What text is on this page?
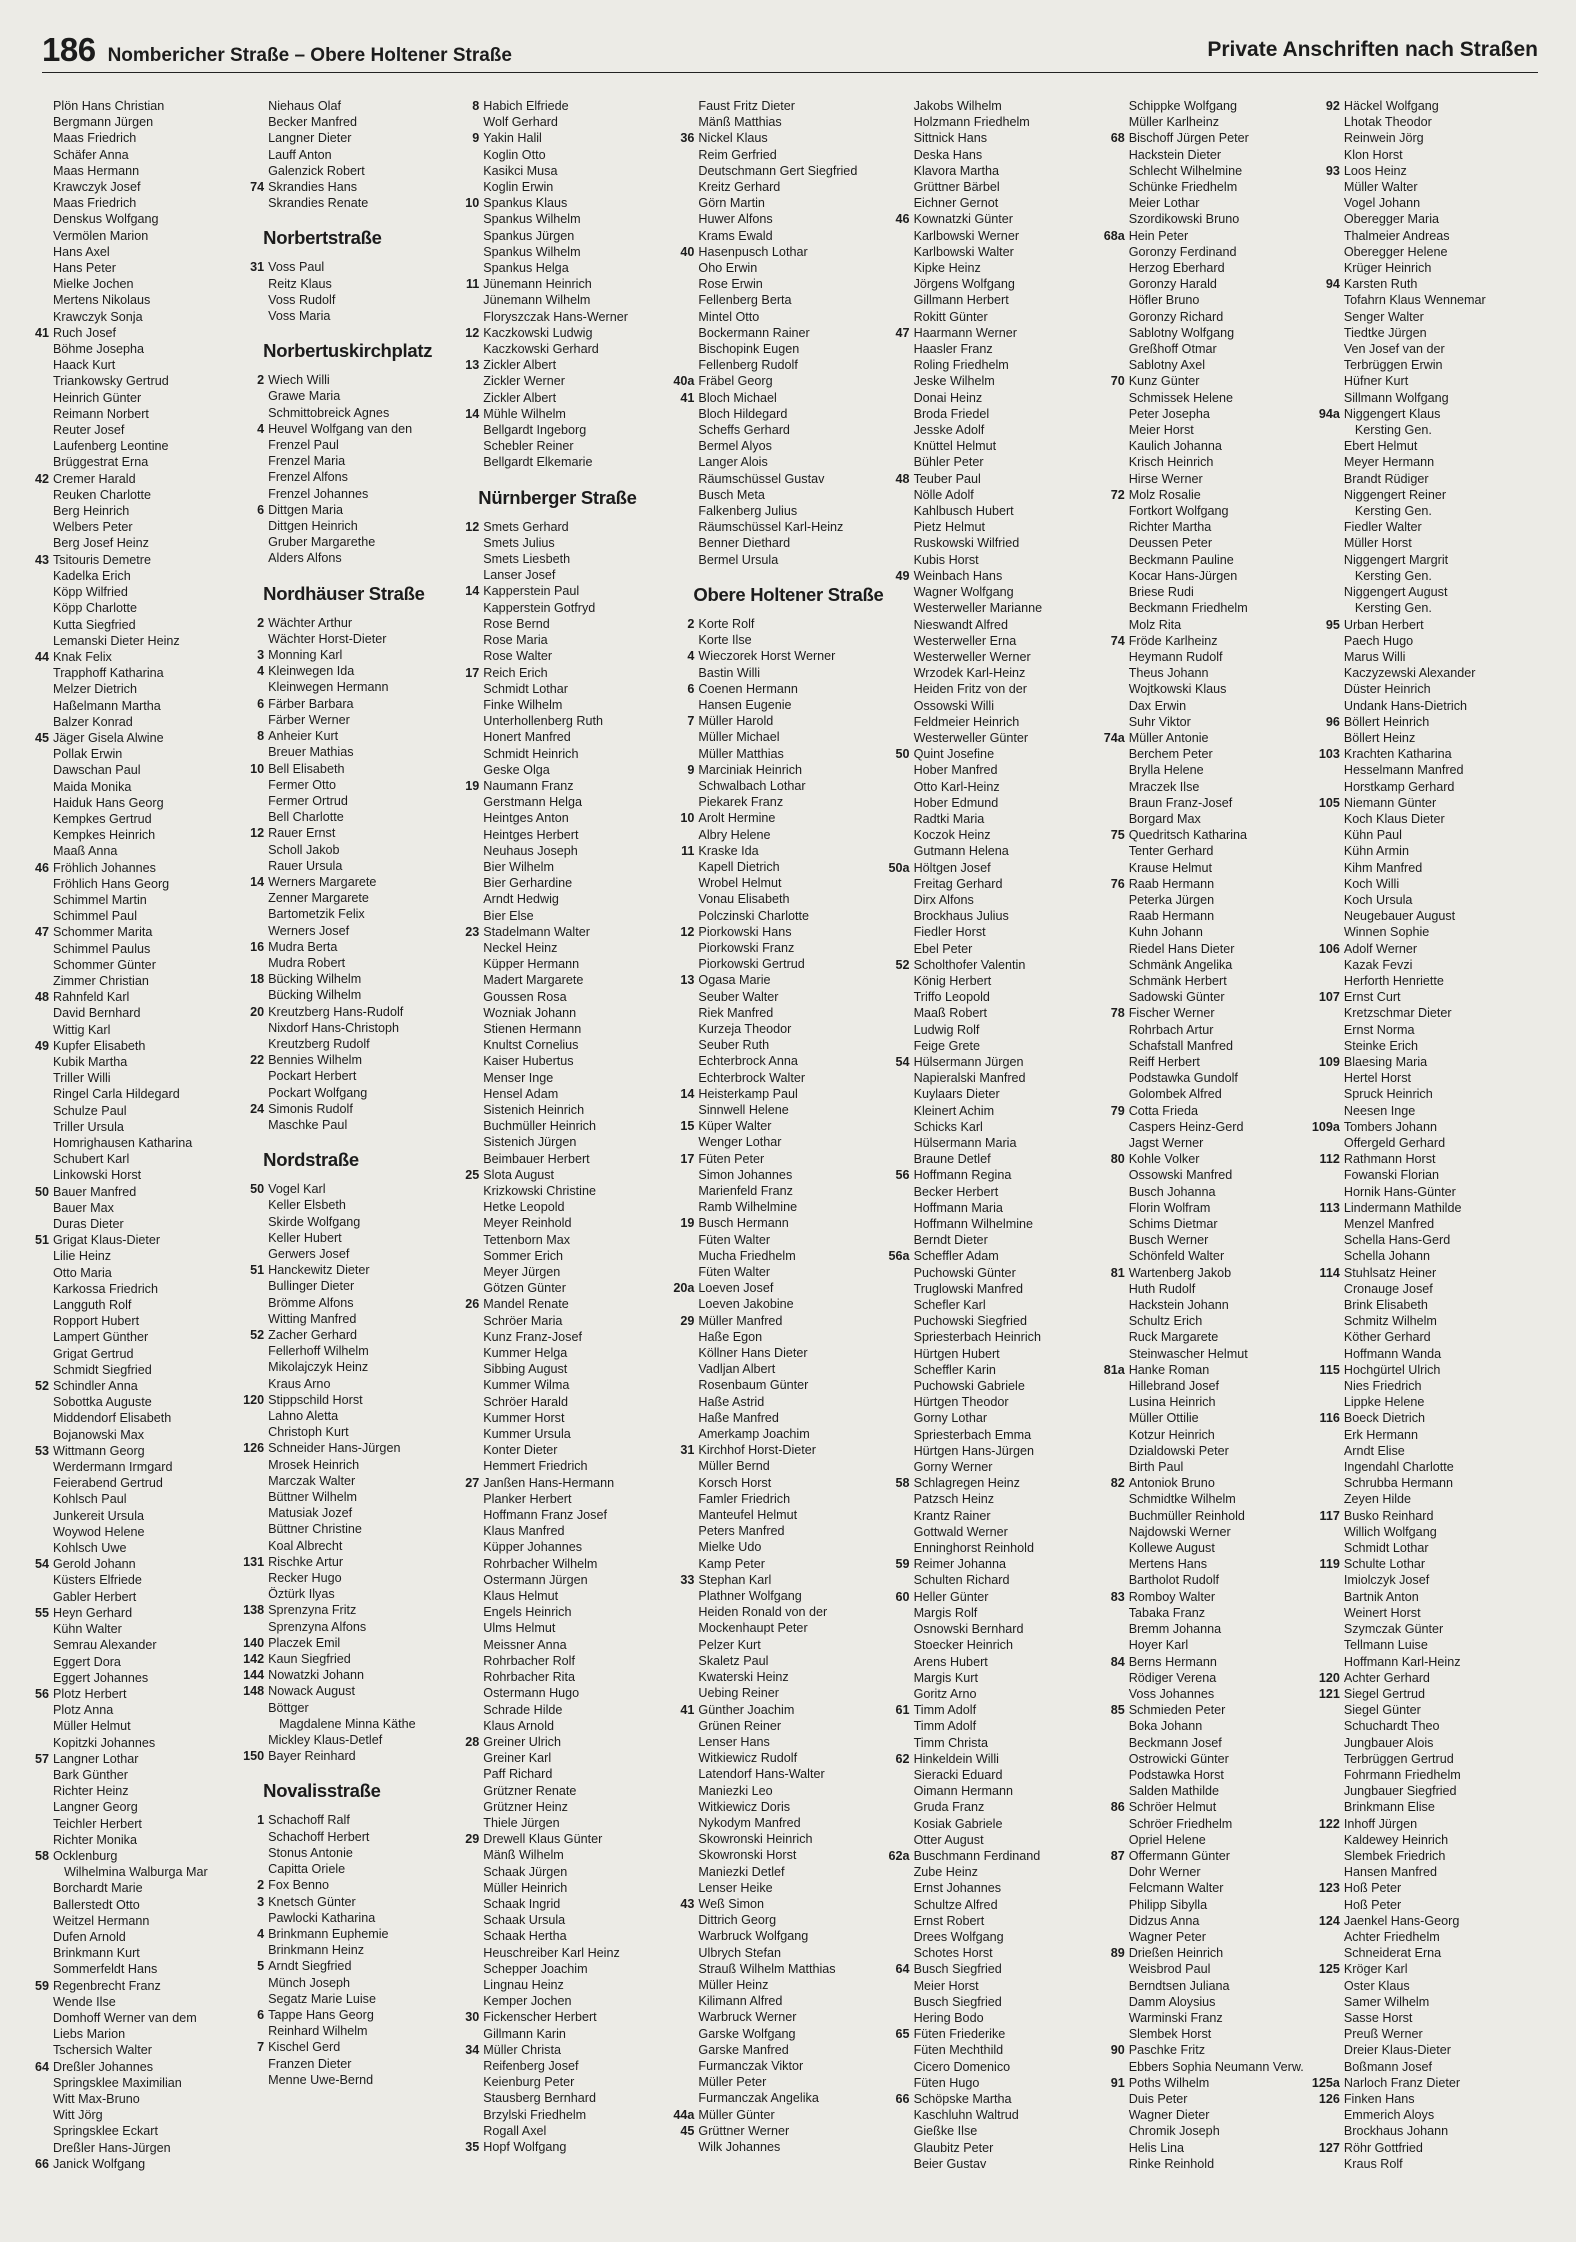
186 Nombericher Straße – Obere Holtener Straße	Private Anschriften nach Straßen
Plön Hans Christian
Bergmann Jürgen
Maas Friedrich
Schäfer Anna
Maas Hermann
Krawczyk Josef
Maas Friedrich
Denskus Wolfgang
Vermölen Marion
Hans Axel
Hans Peter
Mielke Jochen
Mertens Nikolaus
Krawczyk Sonja
41 Ruch Josef
Böhme Josepha
Haack Kurt
Triankowsky Gertrud
Heinrich Günter
Reimann Norbert
Reuter Josef
Laufenberg Leontine
Brüggestrat Erna
42 Cremer Harald
Reuken Charlotte
Berg Heinrich
Welbers Peter
Berg Josef Heinz
43 Tsitouris Demetre
Kadelka Erich
Köpp Wilfried
Köpp Charlotte
Kutta Siegfried
Lemanski Dieter Heinz
44 Knak Felix
Trapphoff Katharina
Melzer Dietrich
Haßelmann Martha
Balzer Konrad
45 Jäger Gisela Alwine
Pollak Erwin
Dawschan Paul
Maida Monika
Haiduk Hans Georg
Kempkes Gertrud
Kempkes Heinrich
Maaß Anna
46 Fröhlich Johannes
Fröhlich Hans Georg
Schimmel Martin
Schimmel Paul
47 Schommer Marita
Schimmel Paulus
Schommer Günter
Zimmer Christian
48 Rahnfeld Karl
David Bernhard
Wittig Karl
49 Kupfer Elisabeth
Kubik Martha
Triller Willi
Ringel Carla Hildegard
Schulze Paul
Triller Ursula
Homrighausen Katharina
Schubert Karl
Linkowski Horst
50 Bauer Manfred
Bauer Max
Duras Dieter
51 Grigat Klaus-Dieter
Lilie Heinz
Otto Maria
Karkossa Friedrich
Langguth Rolf
Ropport Hubert
Lampert Günther
Grigat Gertrud
Schmidt Siegfried
52 Schindler Anna
Sobottka Auguste
Middendorf Elisabeth
Bojanowski Max
53 Wittmann Georg
Werdermann Irmgard
Feierabend Gertrud
Kohlsch Paul
Junkereit Ursula
Woywod Helene
Kohlsch Uwe
54 Gerold Johann
Küsters Elfriede
Gabler Herbert
55 Heyn Gerhard
Kühn Walter
Semrau Alexander
Eggert Dora
Eggert Johannes
56 Plotz Herbert
Plotz Anna
Müller Helmut
Kopitzki Johannes
57 Langner Lothar
Bark Günther
Richter Heinz
Langner Georg
Teichler Herbert
Richter Monika
58 Ocklenburg
Wilhelmina Walburga Mar
Borchardt Marie
Ballerstedt Otto
Weitzel Hermann
Dufen Arnold
Brinkmann Kurt
Sommerfeldt Hans
59 Regenbrecht Franz
Wende Ilse
Domhoff Werner van dem
Liebs Marion
Tschersich Walter
64 Dreßler Johannes
Springsklee Maximilian
Witt Max-Bruno
Witt Jörg
Springsklee Eckart
Dreßler Hans-Jürgen
66 Janick Wolfgang
Niehaus Olaf
Becker Manfred
Langner Dieter
Lauff Anton
Galenzick Robert
74 Skrandies Hans
Skrandies Renate
Norbertstraße
31 Voss Paul
Reitz Klaus
Voss Rudolf
Voss Maria
Norbertuskirchplatz
2 Wiech Willi
Grawe Maria
Schmittobreick Agnes
4 Heuvel Wolfgang van den
Frenzel Paul
Frenzel Maria
Frenzel Alfons
Frenzel Johannes
6 Dittgen Maria
Dittgen Heinrich
Gruber Margarethe
Alders Alfons
Nordhäuser Straße
2 Wächter Arthur
Wächter Horst-Dieter
3 Monning Karl
4 Kleinwegen Ida
Kleinwegen Hermann
6 Färber Barbara
Färber Werner
8 Anheier Kurt
Breuer Mathias
10 Bell Elisabeth
Fermer Otto
Fermer Ortrud
Bell Charlotte
12 Rauer Ernst
Scholl Jakob
Rauer Ursula
14 Werners Margarete
Zenner Margarete
Bartometzik Felix
Werners Josef
16 Mudra Berta
Mudra Robert
18 Bücking Wilhelm
Bücking Wilhelm
20 Kreutzberg Hans-Rudolf
Nixdorf Hans-Christoph
Kreutzberg Rudolf
22 Bennies Wilhelm
Pockart Herbert
Pockart Wolfgang
24 Simonis Rudolf
Maschke Paul
Nordstraße
50 Vogel Karl
Keller Elsbeth
Skirde Wolfgang
Keller Hubert
Gerwers Josef
51 Hanckewitz Dieter
Bullinger Dieter
Brömme Alfons
Witting Manfred
52 Zacher Gerhard
Fellerhoff Wilhelm
Mikolajczyk Heinz
Kraus Arno
120 Stippschild Horst
Lahno Aletta
Christoph Kurt
126 Schneider Hans-Jürgen
Mrosek Heinrich
Marczak Walter
Büttner Wilhelm
Matusiak Jozef
Büttner Christine
Koal Albrecht
131 Rischke Artur
Recker Hugo
Öztürk Ilyas
138 Sprenzyna Fritz
Sprenzyna Alfons
140 Placzek Emil
142 Kaun Siegfried
144 Nowatzki Johann
148 Nowack August
Böttger
Magdalene Minna Käthe
Mickley Klaus-Detlef
150 Bayer Reinhard
Novalisstraße
1 Schachoff Ralf
Schachoff Herbert
Stonus Antonie
Capitta Oriele
2 Fox Benno
3 Knetsch Günter
Pawlocki Katharina
4 Brinkmann Euphemie
Brinkmann Heinz
5 Arndt Siegfried
Münch Joseph
Segatz Marie Luise
6 Tappe Hans Georg
Reinhard Wilhelm
7 Kischel Gerd
Franzen Dieter
Menne Uwe-Bernd
8 Habich Elfriede
Wolf Gerhard
9 Yakin Halil
Koglin Otto
Kasikci Musa
Koglin Erwin
10 Spankus Klaus
Spankus Wilhelm
Spankus Jürgen
Spankus Wilhelm
Spankus Helga
11 Jünemann Heinrich
Jünemann Wilhelm
Floryszczak Hans-Werner
12 Kaczkowski Ludwig
Kaczkowski Gerhard
13 Zickler Albert
Zickler Werner
Zickler Albert
14 Mühle Wilhelm
Bellgardt Ingeborg
Schebler Reiner
Bellgardt Elkemarie
Nürnberger Straße
12 Smets Gerhard
Smets Julius
Smets Liesbeth
Lanser Josef
14 Kapperstein Paul
Kapperstein Gotfryd
Rose Bernd
Rose Maria
Rose Walter
17 Reich Erich
Schmidt Lothar
Finke Wilhelm
Unterhollenberg Ruth
Honert Manfred
Schmidt Heinrich
Geske Olga
19 Naumann Franz
Gerstmann Helga
Heintges Anton
Heintges Herbert
Neuhaus Joseph
Bier Wilhelm
Bier Gerhardine
Arndt Hedwig
Bier Else
23 Stadelmann Walter
Neckel Heinz
Küpper Hermann
Madert Margarete
Goussen Rosa
Wozniak Johann
Stienen Hermann
Knultst Cornelius
Kaiser Hubertus
Menser Inge
Hensel Adam
Sistenich Heinrich
Buchmüller Heinrich
Sistenich Jürgen
Beimbauer Herbert
25 Slota August
Krizkowski Christine
Hetke Leopold
Meyer Reinhold
Tettenborn Max
Sommer Erich
Meyer Jürgen
Götzen Günter
26 Mandel Renate
Schröer Maria
Kunz Franz-Josef
Kummer Helga
Sibbing August
Kummer Wilma
Schröer Harald
Kummer Horst
Kummer Ursula
Konter Dieter
Hemmert Friedrich
27 Janßen Hans-Hermann
Planker Herbert
Hoffmann Franz Josef
Klaus Manfred
Küpper Johannes
Rohrbacher Wilhelm
Ostermann Jürgen
Klaus Helmut
Engels Heinrich
Ulms Helmut
Meissner Anna
Rohrbacher Rolf
Rohrbacher Rita
Ostermann Hugo
Schrade Hilde
Klaus Arnold
28 Greiner Ulrich
Greiner Karl
Paff Richard
Grützner Renate
Grützner Heinz
Thiele Jürgen
29 Drewell Klaus Günter
Mänß Wilhelm
Schaak Jürgen
Müller Heinrich
Schaak Ingrid
Schaak Ursula
Schaak Hertha
Heuschreiber Karl Heinz
Schepper Joachim
Lingnau Heinz
Kemper Jochen
30 Fickenscher Herbert
Gillmann Karin
34 Müller Christa
Reifenberg Josef
Keienburg Peter
Stausberg Bernhard
Brzylski Friedhelm
Rogall Axel
35 Hopf Wolfgang
Faust Fritz Dieter
Mänß Matthias
36 Nickel Klaus
Reim Gerfried
Deutschmann Gert Siegfried
Kreitz Gerhard
Görn Martin
Huwer Alfons
Krams Ewald
40 Hasenpusch Lothar
Oho Erwin
Rose Erwin
Fellenberg Berta
Mintel Otto
Bockermann Rainer
Bischopink Eugen
Fellenberg Rudolf
40a Fräbel Georg
41 Bloch Michael
Bloch Hildegard
Scheffs Gerhard
Bermel Alyos
Langer Alois
Räumschüssel Gustav
Busch Meta
Falkenberg Julius
Räumschüssel Karl-Heinz
Benner Diethard
Bermel Ursula
Obere Holtener Straße
2 Korte Rolf
Korte Ilse
4 Wieczorek Horst Werner
Bastin Willi
6 Coenen Hermann
Hansen Eugenie
7 Müller Harold
Müller Michael
Müller Matthias
9 Marciniak Heinrich
Schwalbach Lothar
Piekarek Franz
10 Arolt Hermine
Albry Helene
11 Kraske Ida
Kapell Dietrich
Wrobel Helmut
Vonau Elisabeth
Polczinski Charlotte
12 Piorkowski Hans
Piorkowski Franz
Piorkowski Gertrud
13 Ogasa Marie
Seuber Walter
Riek Manfred
Kurzeja Theodor
Seuber Ruth
Echterbrock Anna
Echterbrock Walter
14 Heisterkamp Paul
Sinnwell Helene
15 Küper Walter
Wenger Lothar
17 Füten Peter
Simon Johannes
Marienfeld Franz
Ramb Wilhelmine
19 Busch Hermann
Füten Walter
Mucha Friedhelm
Füten Walter
20a Loeven Josef
Loeven Jakobine
29 Müller Manfred
Haße Egon
Köllner Hans Dieter
Vadljan Albert
Rosenbaum Günter
Haße Astrid
Haße Manfred
Amerkamp Joachim
31 Kirchhof Horst-Dieter
Müller Bernd
Korsch Horst
Famler Friedrich
Manteufel Helmut
Peters Manfred
Mielke Udo
Kamp Peter
33 Stephan Karl
Plathner Wolfgang
Heiden Ronald von der
Mockenhaupt Peter
Pelzer Kurt
Skaletz Paul
Kwaterski Heinz
Uebing Reiner
41 Günther Joachim
Grünen Reiner
Lenser Hans
Witkiewicz Rudolf
Latendorf Hans-Walter
Maniezki Leo
Witkiewicz Doris
Nykodym Manfred
Skowronski Heinrich
Skowronski Horst
Maniezki Detlef
Lenser Heike
43 Weß Simon
Dittrich Georg
Warbruck Wolfgang
Ulbrych Stefan
Strauß Wilhelm Matthias
Müller Heinz
Kilimann Alfred
Warbruck Werner
Garske Wolfgang
Garske Manfred
Furmanczak Viktor
Müller Peter
Furmanczak Angelika
44a Müller Günter
45 Grüttner Werner
Wilk Johannes
Jakobs Wilhelm
Holzmann Friedhelm
Sittnick Hans
Deska Hans
Klavora Martha
Grüttner Bärbel
Eichner Gernot
46 Kownatzki Günter
Karlbowski Werner
Karlbowski Walter
Kipke Heinz
Jörgens Wolfgang
Gillmann Herbert
Rokitt Günter
47 Haarmann Werner
Haasler Franz
Roling Friedhelm
Jeske Wilhelm
Donai Heinz
Broda Friedel
Jesske Adolf
Knüttel Helmut
Bühler Peter
48 Teuber Paul
Nölle Adolf
Kahlbusch Hubert
Pietz Helmut
Ruskowski Wilfried
Kubis Horst
49 Weinbach Hans
Wagner Wolfgang
Westerweller Marianne
Nieswandt Alfred
Westerweller Erna
Westerweller Werner
Wrzodek Karl-Heinz
Heiden Fritz von der
Ossowski Willi
Feldmeier Heinrich
Westerweller Günter
50 Quint Josefine
Hober Manfred
Otto Karl-Heinz
Hober Edmund
Radtki Maria
Koczok Heinz
Gutmann Helena
50a Höltgen Josef
Freitag Gerhard
Dirx Alfons
Brockhaus Julius
Fiedler Horst
Ebel Peter
52 Scholthofer Valentin
König Herbert
Triffo Leopold
Maaß Robert
Ludwig Rolf
Feige Grete
54 Hülsermann Jürgen
Napieralski Manfred
Kuylaars Dieter
Kleinert Achim
Schicks Karl
Hülsermann Maria
Braune Detlef
56 Hoffmann Regina
Becker Herbert
Hoffmann Maria
Hoffmann Wilhelmine
Berndt Dieter
56a Scheffler Adam
Puchowski Günter
Truglowski Manfred
Schefler Karl
Puchowski Siegfried
Spriesterbach Heinrich
Hürtgen Hubert
Scheffler Karin
Puchowski Gabriele
Hürtgen Theodor
Gorny Lothar
Spriesterbach Emma
Hürtgen Hans-Jürgen
Gorny Werner
58 Schlagregen Heinz
Patzsch Heinz
Krantz Rainer
Gottwald Werner
Enninghorst Reinhold
59 Reimer Johanna
Schulten Richard
60 Heller Günter
Margis Rolf
Osnowski Bernhard
Stoecker Heinrich
Arens Hubert
Margis Kurt
Goritz Arno
61 Timm Adolf
Timm Adolf
Timm Christa
62 Hinkeldein Willi
Sieracki Eduard
Oimann Hermann
Gruda Franz
Kosiak Gabriele
Otter August
62a Buschmann Ferdinand
Zube Heinz
Ernst Johannes
Schultze Alfred
Ernst Robert
Drees Wolfgang
Schotes Horst
64 Busch Siegfried
Meier Horst
Busch Siegfried
Hering Bodo
65 Füten Friederike
Füten Mechthild
Cicero Domenico
Füten Hugo
66 Schöpske Martha
Kaschluhn Waltrud
Gießke Ilse
Glaubitz Peter
Beier Gustav
Schippke Wolfgang
Müller Karlheinz
68 Bischoff Jürgen Peter
Hackstein Dieter
Schlecht Wilhelmine
Schünke Friedhelm
Meier Lothar
Szordikowski Bruno
68a Hein Peter
Goronzy Ferdinand
Herzog Eberhard
Goronzy Harald
Höfler Bruno
Goronzy Richard
Sablotny Wolfgang
Greßhoff Otmar
Sablotny Axel
70 Kunz Günter
Schmissek Helene
Peter Josepha
Meier Horst
Kaulich Johanna
Krisch Heinrich
Hirse Werner
72 Molz Rosalie
Fortkort Wolfgang
Richter Martha
Deussen Peter
Beckmann Pauline
Kocar Hans-Jürgen
Briese Rudi
Beckmann Friedhelm
Molz Rita
74 Fröde Karlheinz
Heymann Rudolf
Theus Johann
Wojtkowski Klaus
Dax Erwin
Suhr Viktor
74a Müller Antonie
Berchem Peter
Brylla Helene
Mraczek Ilse
Braun Franz-Josef
Borgard Max
75 Quedritsch Katharina
Tenter Gerhard
Krause Helmut
76 Raab Hermann
Peterka Jürgen
Raab Hermann
Kuhn Johann
Riedel Hans Dieter
Schmänk Angelika
Schmänk Herbert
Sadowski Günter
78 Fischer Werner
Rohrbach Artur
Schafstall Manfred
Reiff Herbert
Podstawka Gundolf
Golombek Alfred
79 Cotta Frieda
Caspers Heinz-Gerd
Jagst Werner
80 Kohle Volker
Ossowski Manfred
Busch Johanna
Florin Wolfram
Schims Dietmar
Busch Werner
Schönfeld Walter
81 Wartenberg Jakob
Huth Rudolf
Hackstein Johann
Schultz Erich
Ruck Margarete
Steinwascher Helmut
81a Hanke Roman
Hillebrand Josef
Lusina Heinrich
Müller Ottilie
Kotzur Heinrich
Dzialdowski Peter
Birth Paul
82 Antoniok Bruno
Schmidtke Wilhelm
Buchmüller Reinhold
Najdowski Werner
Kollewe August
Mertens Hans
Bartholot Rudolf
83 Romboy Walter
Tabaka Franz
Bremm Johanna
Hoyer Karl
84 Berns Hermann
Rödiger Verena
Voss Johannes
85 Schmieden Peter
Boka Johann
Beckmann Josef
Ostrowicki Günter
Podstawka Horst
Salden Mathilde
86 Schröer Helmut
Schröer Friedhelm
Opriel Helene
87 Offermann Günter
Dohr Werner
Felcmann Walter
Philipp Sibylla
Didzus Anna
Wagner Peter
89 Drießen Heinrich
Weisbrod Paul
Berndtsen Juliana
Damm Aloysius
Warminski Franz
Slembek Horst
90 Paschke Fritz
Ebbers Sophia Neumann Verw.
91 Poths Wilhelm
Duis Peter
Wagner Dieter
Chromik Joseph
Helis Lina
Rinke Reinhold
92 Häckel Wolfgang
Lhotak Theodor
Reinwein Jörg
Klon Horst
93 Loos Heinz
Müller Walter
Vogel Johann
Oberegger Maria
Thalmeier Andreas
Oberegger Helene
Krüger Heinrich
94 Karsten Ruth
Tofahrn Klaus Wennemar
Senger Walter
Tiedtke Jürgen
Ven Josef van der
Terbrüggen Erwin
Hüfner Kurt
Sillmann Wolfgang
94a Niggengert Klaus
Kersting Gen.
Ebert Helmut
Meyer Hermann
Brandt Rüdiger
Niggengert Reiner
Kersting Gen.
Fiedler Walter
Müller Horst
Niggengert Margrit
Kersting Gen.
Niggengert August
Kersting Gen.
95 Urban Herbert
Paech Hugo
Marus Willi
Kaczyzewski Alexander
Düster Heinrich
Undank Hans-Dietrich
96 Böllert Heinrich
Böllert Heinz
103 Krachten Katharina
Hesselmann Manfred
Horstkamp Gerhard
105 Niemann Günter
Koch Klaus Dieter
Kühn Paul
Kühn Armin
Kihm Manfred
Koch Willi
Koch Ursula
Neugebauer August
Winnen Sophie
106 Adolf Werner
Kazak Fevzi
Herforth Henriette
107 Ernst Curt
Kretzschmar Dieter
Ernst Norma
Steinke Erich
109 Blaesing Maria
Hertel Horst
Spruck Heinrich
Neesen Inge
109a Tombers Johann
Offergeld Gerhard
112 Rathmann Horst
Fowanski Florian
Hornik Hans-Günter
113 Lindermann Mathilde
Menzel Manfred
Schella Hans-Gerd
Schella Johann
114 Stuhlsatz Heiner
Cronauge Josef
Brink Elisabeth
Schmitz Wilhelm
Köther Gerhard
Hoffmann Wanda
115 Hochgürtel Ulrich
Nies Friedrich
Lippke Helene
116 Boeck Dietrich
Erk Hermann
Arndt Elise
Ingendahl Charlotte
Schrubba Hermann
Zeyen Hilde
117 Busko Reinhard
Willich Wolfgang
Schmidt Lothar
119 Schulte Lothar
Imiolczyk Josef
Bartnik Anton
Weinert Horst
Szymczak Günter
Tellmann Luise
Hoffmann Karl-Heinz
120 Achter Gerhard
121 Siegel Gertrud
Siegel Günter
Schuchardt Theo
Jungbauer Alois
Terbrüggen Gertrud
Fohrmann Friedhelm
Jungbauer Siegfried
Brinkmann Elise
122 Inhoff Jürgen
Kaldewey Heinrich
Slembek Friedrich
Hansen Manfred
123 Hoß Peter
Hoß Peter
124 Jaenkel Hans-Georg
Achter Friedhelm
Schneiderat Erna
125 Kröger Karl
Oster Klaus
Samer Wilhelm
Sasse Horst
Preuß Werner
Dreier Klaus-Dieter
Boßmann Josef
125a Narloch Franz Dieter
126 Finken Hans
Emmerich Aloys
Brockhaus Johann
127 Röhr Gottfried
Kraus Rolf
